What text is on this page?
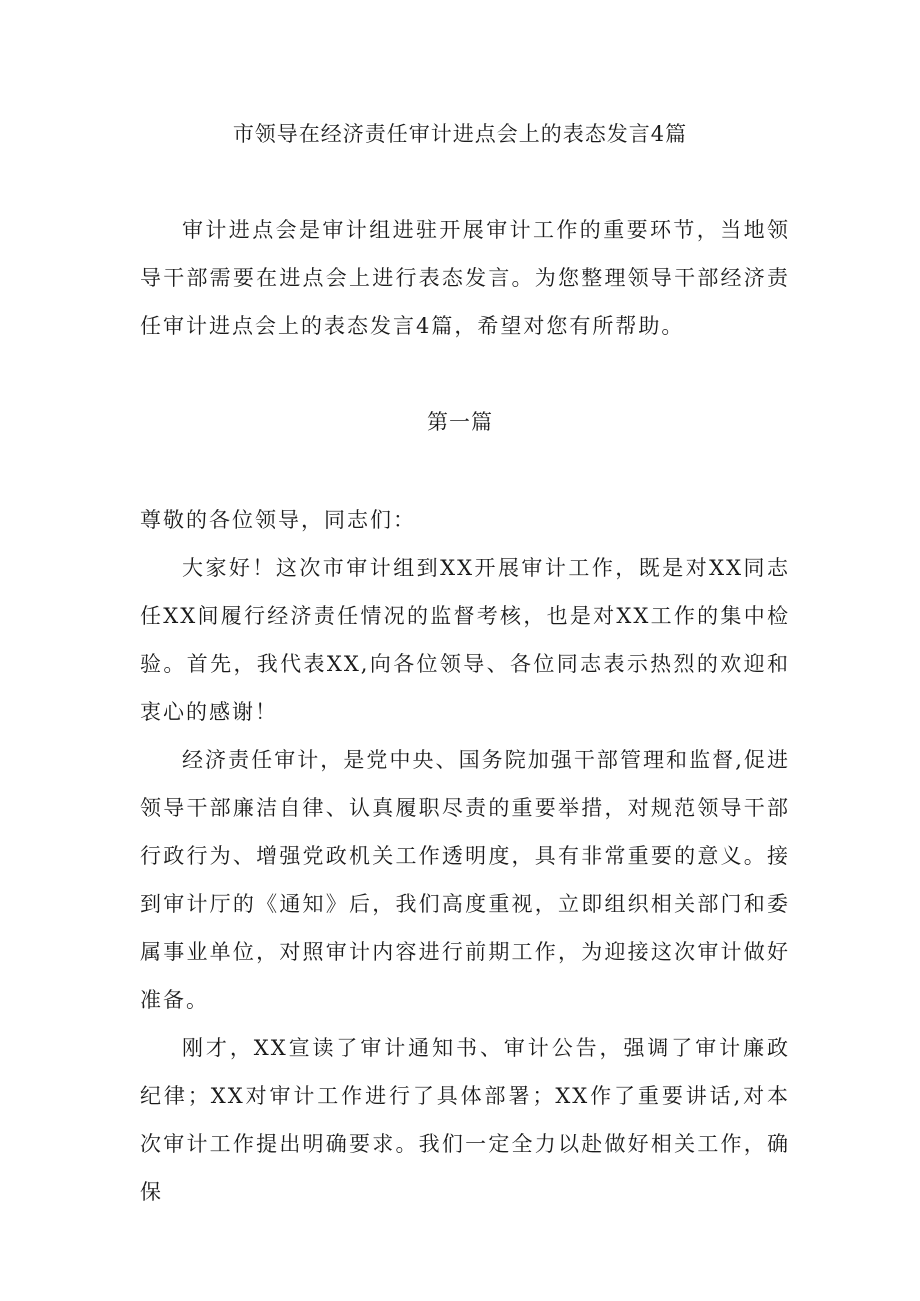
市领导在经济责任审计进点会上的表态发言4篇

审计进点会是审计组进驻开展审计工作的重要环节，当地领导干部需要在进点会上进行表态发言。为您整理领导干部经济责任审计进点会上的表态发言4篇，希望对您有所帮助。

第一篇

尊敬的各位领导，同志们：

大家好！这次市审计组到XX开展审计工作，既是对XX同志任XX间履行经济责任情况的监督考核，也是对XX工作的集中检验。首先，我代表XX,向各位领导、各位同志表示热烈的欢迎和衷心的感谢！

经济责任审计，是党中央、国务院加强干部管理和监督,促进领导干部廉洁自律、认真履职尽责的重要举措，对规范领导干部行政行为、增强党政机关工作透明度，具有非常重要的意义。接到审计厅的《通知》后，我们高度重视，立即组织相关部门和委属事业单位，对照审计内容进行前期工作，为迎接这次审计做好准备。

刚才，XX宣读了审计通知书、审计公告，强调了审计廉政纪律；XX对审计工作进行了具体部署；XX作了重要讲话,对本次审计工作提出明确要求。我们一定全力以赴做好相关工作，确保
